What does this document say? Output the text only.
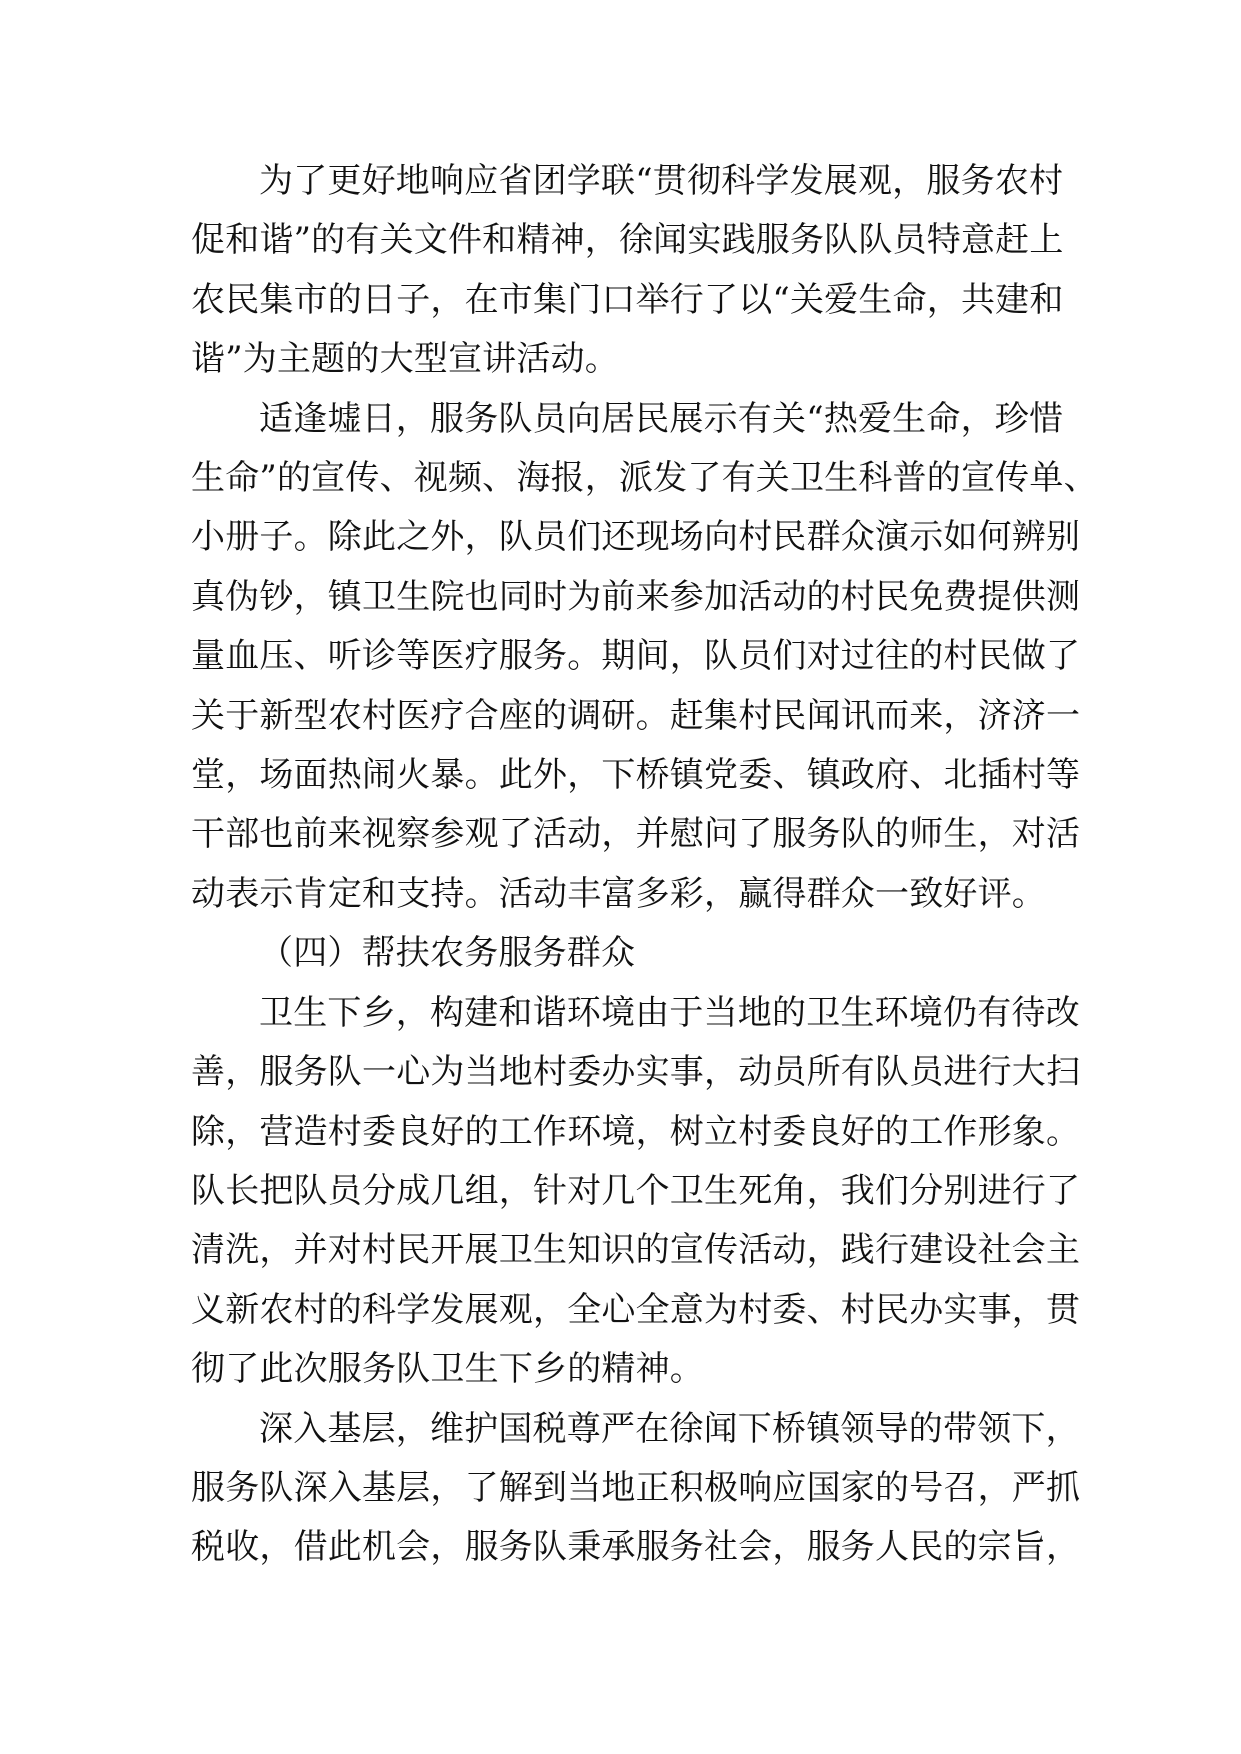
为了更好地响应省团学联“贯彻科学发展观，服务农村
促和谐”的有关文件和精神，徐闻实践服务队队员特意赶上
农民集市的日子，在市集门口举行了以“关爱生命，共建和
谐”为主题的大型宣讲活动。

适逢墟日，服务队员向居民展示有关“热爱生命，珍惜
生命”的宣传、视频、海报，派发了有关卫生科普的宣传单、
小册子。除此之外，队员们还现场向村民群众演示如何辨别
真伪钞，镇卫生院也同时为前来参加活动的村民免费提供测
量血压、听诊等医疗服务。期间，队员们对过往的村民做了
关于新型农村医疗合座的调研。赶集村民闻讯而来，济济一
堂，场面热闹火暴。此外，下桥镇党委、镇政府、北插村等
干部也前来视察参观了活动，并慰问了服务队的师生，对活
动表示肯定和支持。活动丰富多彩，赢得群众一致好评。

（四）帮扶农务服务群众

卫生下乡，构建和谐环境由于当地的卫生环境仍有待改
善，服务队一心为当地村委办实事，动员所有队员进行大扫
除，营造村委良好的工作环境，树立村委良好的工作形象。
队长把队员分成几组，针对几个卫生死角，我们分别进行了
清洗，并对村民开展卫生知识的宣传活动，践行建设社会主
义新农村的科学发展观，全心全意为村委、村民办实事，贯
彻了此次服务队卫生下乡的精神。

深入基层，维护国税尊严在徐闻下桥镇领导的带领下，
服务队深入基层，了解到当地正积极响应国家的号召，严抓
税收，借此机会，服务队秉承服务社会，服务人民的宗旨，
